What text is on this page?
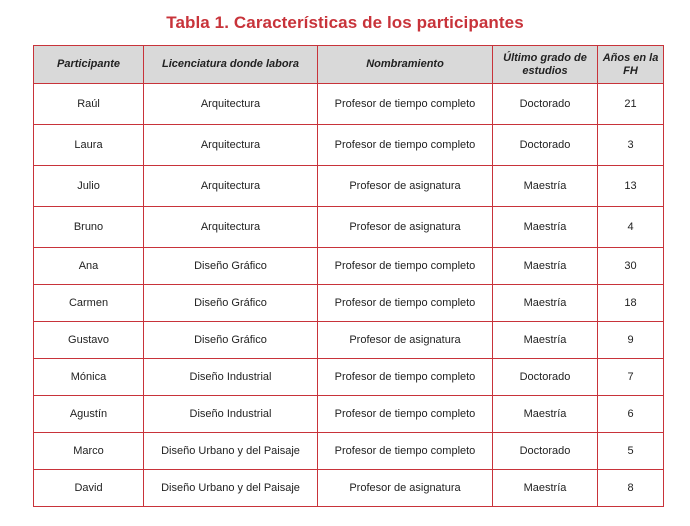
Tabla 1. Características de los participantes
Participante	Licenciatura donde labora	Nombramiento	Último grado de estudios	Años en la FH
Raúl	Arquitectura	Profesor de tiempo completo	Doctorado	21
Laura	Arquitectura	Profesor de tiempo completo	Doctorado	3
Julio	Arquitectura	Profesor de asignatura	Maestría	13
Bruno	Arquitectura	Profesor de asignatura	Maestría	4
Ana	Diseño Gráfico	Profesor de tiempo completo	Maestría	30
Carmen	Diseño Gráfico	Profesor de tiempo completo	Maestría	18
Gustavo	Diseño Gráfico	Profesor de asignatura	Maestría	9
Mónica	Diseño Industrial	Profesor de tiempo completo	Doctorado	7
Agustín	Diseño Industrial	Profesor de tiempo completo	Maestría	6
Marco	Diseño Urbano y del Paisaje	Profesor de tiempo completo	Doctorado	5
David	Diseño Urbano y del Paisaje	Profesor de asignatura	Maestría	8
